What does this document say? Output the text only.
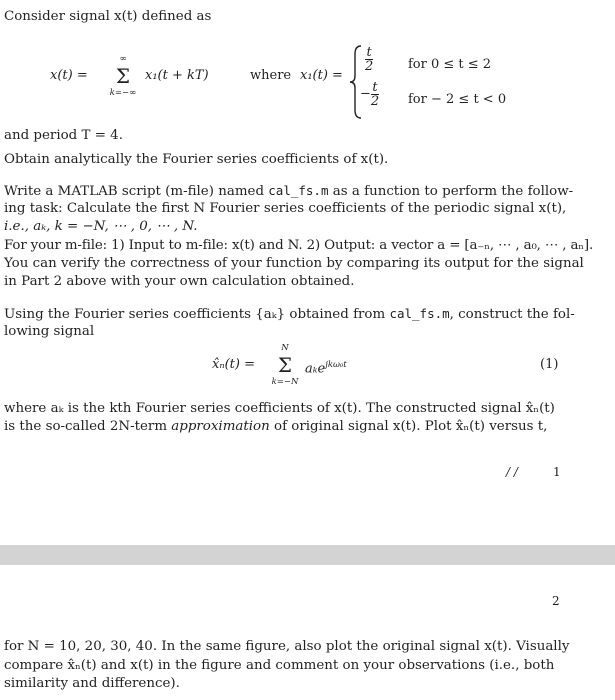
Consider signal x(t) defined as
x(t) =
∞
Σ
k=−∞
x₁(t + kT)	where x₁(t) =
$\frac{t}{2}$	for 0 ≤ t ≤ 2
− $\frac{t}{2}$ for − 2 ≤ t < 0
and period T = 4.
Obtain analytically the Fourier series coefficients of x(t).
Write a MATLAB script (m-file) named cal_fs.m as a function to perform the follow-
ing task: Calculate the first N Fourier series coefficients of the periodic signal x(t),
i.e., aₖ, k = −N, ⋯ , 0, ⋯ , N.
For your m-file: 1) Input to m-file: x(t) and N. 2) Output: a vector a = [a₋ₙ, ⋯ , a₀, ⋯ , aₙ].
You can verify the correctness of your function by comparing its output for the signal
in Part 2 above with your own calculation obtained.
Using the Fourier series coefficients {aₖ} obtained from cal_fs.m, construct the fol-
lowing signal
x̂ₙ(t) =
N
Σ
k=−N
aₖe$^{jk\omega_0t}$	(1)
where aₖ is the kth Fourier series coefficients of x(t). The constructed signal x̂ₙ(t)
is the so-called 2N-term approximation of original signal x(t). Plot x̂ₙ(t) versus t,
/ /	1
2
for N = 10, 20, 30, 40. In the same figure, also plot the original signal x(t). Visually
compare x̂ₙ(t) and x(t) in the figure and comment on your observations (i.e., both
similarity and difference).
